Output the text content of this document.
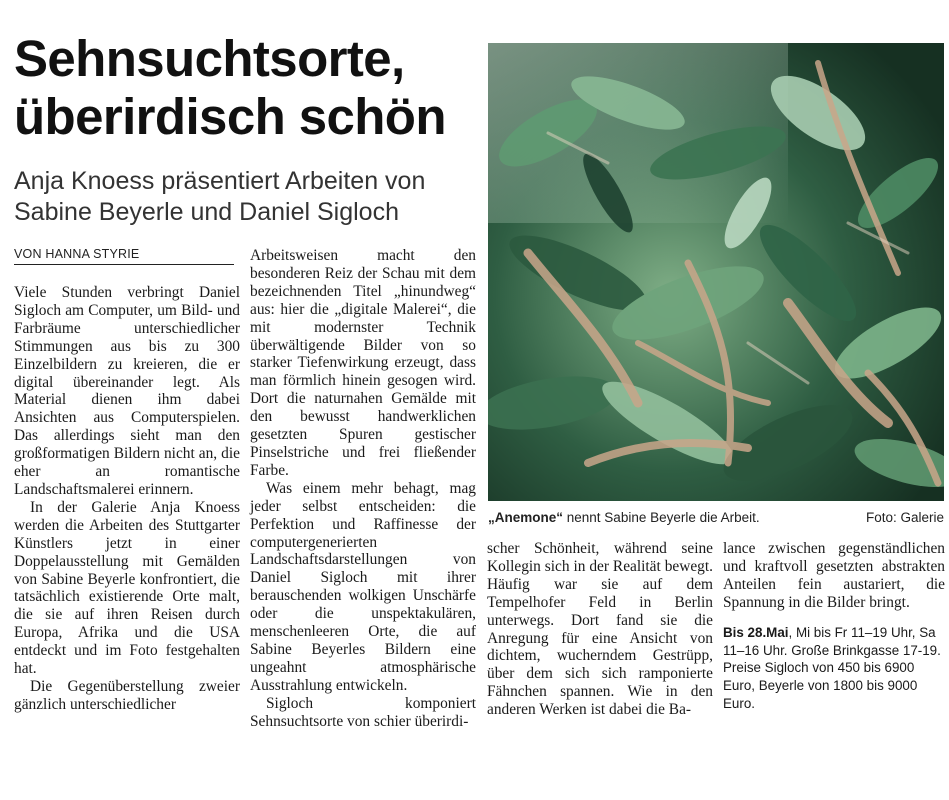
Sehnsuchtsorte,
überirdisch schön
Anja Knoess präsentiert Arbeiten von
Sabine Beyerle und Daniel Sigloch
VON HANNA STYRIE

Viele Stunden verbringt Daniel Sigloch am Computer, um Bild- und Farbräume unterschiedlicher Stimmungen aus bis zu 300 Einzelbildern zu kreieren, die er digital übereinander legt. Als Material dienen ihm dabei Ansichten aus Computerspielen. Das allerdings sieht man den großformatigen Bildern nicht an, die eher an romantische Landschaftsmalerei erinnern.

In der Galerie Anja Knoess werden die Arbeiten des Stuttgarter Künstlers jetzt in einer Doppelausstellung mit Gemälden von Sabine Beyerle konfrontiert, die tatsächlich existierende Orte malt, die sie auf ihren Reisen durch Europa, Afrika und die USA entdeckt und im Foto festgehalten hat.

Die Gegenüberstellung zweier gänzlich unterschiedlicher

Arbeitsweisen macht den besonderen Reiz der Schau mit dem bezeichnenden Titel „hinundweg“ aus: hier die „digitale Malerei“, die mit modernster Technik überwältigende Bilder von so starker Tiefenwirkung erzeugt, dass man förmlich hinein gesogen wird. Dort die naturnahen Gemälde mit den bewusst handwerklichen gesetzten Spuren gestischer Pinselstriche und frei fließender Farbe.

Was einem mehr behagt, mag jeder selbst entscheiden: die Perfektion und Raffinesse der computergenerierten Landschaftsdarstellungen von Daniel Sigloch mit ihrer berauschenden wolkigen Unschärfe oder die unspektakulären, menschenleeren Orte, die auf Sabine Beyerles Bildern eine ungeahnt atmosphärische Ausstrahlung entwickeln.

Sigloch komponiert Sehnsuchtsorte von schier überirdi-

„Anemone“ nennt Sabine Beyerle die Arbeit.	Foto: Galerie

scher Schönheit, während seine Kollegin sich in der Realität bewegt. Häufig war sie auf dem Tempelhofer Feld in Berlin unterwegs. Dort fand sie die Anregung für eine Ansicht von dichtem, wucherndem Gestrüpp, über dem sich sich ramponierte Fähnchen spannen. Wie in den anderen Werken ist dabei die Ba-

lance zwischen gegenständlichen und kraftvoll gesetzten abstrakten Anteilen fein austariert, die Spannung in die Bilder bringt.

Bis 28.Mai, Mi bis Fr 11–19 Uhr, Sa 11–16 Uhr. Große Brinkgasse 17-19. Preise Sigloch von 450 bis 6900 Euro, Beyerle von 1800 bis 9000 Euro.
